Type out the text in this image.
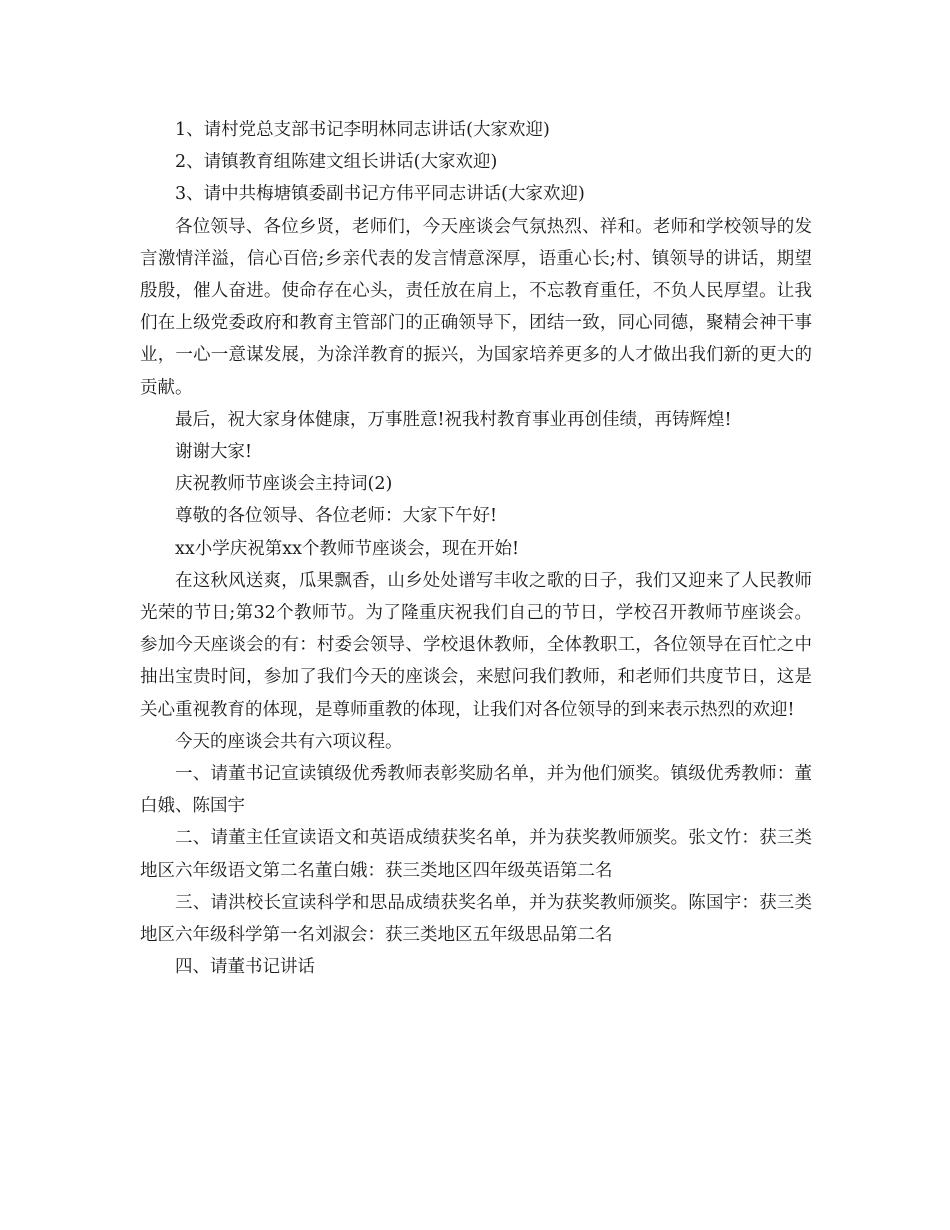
1、请村党总支部书记李明林同志讲话(大家欢迎)

2、请镇教育组陈建文组长讲话(大家欢迎)

3、请中共梅塘镇委副书记方伟平同志讲话(大家欢迎)

各位领导、各位乡贤，老师们，今天座谈会气氛热烈、祥和。老师和学校领导的发言激情洋溢，信心百倍;乡亲代表的发言情意深厚，语重心长;村、镇领导的讲话，期望殷殷，催人奋进。使命存在心头，责任放在肩上，不忘教育重任，不负人民厚望。让我们在上级党委政府和教育主管部门的正确领导下，团结一致，同心同德，聚精会神干事业，一心一意谋发展，为涂洋教育的振兴，为国家培养更多的人才做出我们新的更大的贡献。

最后，祝大家身体健康，万事胜意!祝我村教育事业再创佳绩，再铸辉煌!

谢谢大家!

庆祝教师节座谈会主持词(2)

尊敬的各位领导、各位老师：大家下午好!

xx小学庆祝第xx个教师节座谈会，现在开始!

在这秋风送爽，瓜果飘香，山乡处处谱写丰收之歌的日子，我们又迎来了人民教师光荣的节日;第32个教师节。为了隆重庆祝我们自己的节日，学校召开教师节座谈会。参加今天座谈会的有：村委会领导、学校退休教师，全体教职工，各位领导在百忙之中抽出宝贵时间，参加了我们今天的座谈会，来慰问我们教师，和老师们共度节日，这是关心重视教育的体现，是尊师重教的体现，让我们对各位领导的到来表示热烈的欢迎!

今天的座谈会共有六项议程。

一、请董书记宣读镇级优秀教师表彰奖励名单，并为他们颁奖。镇级优秀教师：董白娥、陈国宇

二、请董主任宣读语文和英语成绩获奖名单，并为获奖教师颁奖。张文竹：获三类地区六年级语文第二名董白娥：获三类地区四年级英语第二名

三、请洪校长宣读科学和思品成绩获奖名单，并为获奖教师颁奖。陈国宇：获三类地区六年级科学第一名刘淑会：获三类地区五年级思品第二名

四、请董书记讲话
